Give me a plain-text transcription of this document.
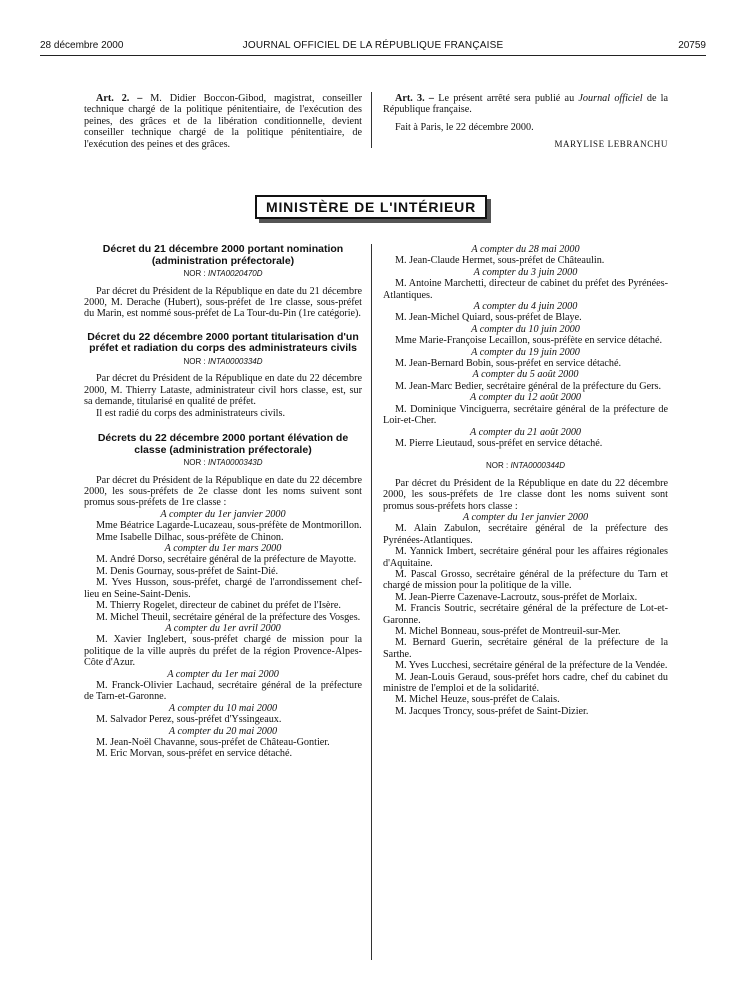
28 décembre 2000	JOURNAL OFFICIEL DE LA RÉPUBLIQUE FRANÇAISE	20759

Art. 2. – M. Didier Boccon-Gibod, magistrat, conseiller technique chargé de la politique pénitentiaire, de l'exécution des peines, des grâces et de la libération conditionnelle, devient conseiller technique chargé de la politique pénitentiaire, de l'exécution des peines et des grâces.

Art. 3. – Le présent arrêté sera publié au Journal officiel de la République française.

Fait à Paris, le 22 décembre 2000.

MARYLISE LEBRANCHU
MINISTÈRE DE L'INTÉRIEUR
Décret du 21 décembre 2000 portant nomination (administration préfectorale)
NOR : INTA0020470D

Par décret du Président de la République en date du 21 décembre 2000, M. Derache (Hubert), sous-préfet de 1re classe, sous-préfet du Marin, est nommé sous-préfet de La Tour-du-Pin (1re catégorie).

Décret du 22 décembre 2000 portant titularisation d'un préfet et radiation du corps des administrateurs civils
NOR : INTA0000334D

Par décret du Président de la République en date du 22 décembre 2000, M. Thierry Lataste, administrateur civil hors classe, est, sur sa demande, titularisé en qualité de préfet.

Il est radié du corps des administrateurs civils.

Décrets du 22 décembre 2000 portant élévation de classe (administration préfectorale)
NOR : INTA0000343D

Par décret du Président de la République en date du 22 décembre 2000, les sous-préfets de 2e classe dont les noms suivent sont promus sous-préfets de 1re classe :

A compter du 1er janvier 2000

Mme Béatrice Lagarde-Lucazeau, sous-préfète de Montmorillon.

Mme Isabelle Dilhac, sous-préfète de Chinon.

A compter du 1er mars 2000

M. André Dorso, secrétaire général de la préfecture de Mayotte.

M. Denis Gournay, sous-préfet de Saint-Dié.

M. Yves Husson, sous-préfet, chargé de l'arrondissement chef-lieu en Seine-Saint-Denis.

M. Thierry Rogelet, directeur de cabinet du préfet de l'Isère.

M. Michel Theuil, secrétaire général de la préfecture des Vosges.

A compter du 1er avril 2000

M. Xavier Inglebert, sous-préfet chargé de mission pour la politique de la ville auprès du préfet de la région Provence-Alpes-Côte d'Azur.

A compter du 1er mai 2000

M. Franck-Olivier Lachaud, secrétaire général de la préfecture de Tarn-et-Garonne.

A compter du 10 mai 2000

M. Salvador Perez, sous-préfet d'Yssingeaux.

A compter du 20 mai 2000

M. Jean-Noël Chavanne, sous-préfet de Château-Gontier.

M. Eric Morvan, sous-préfet en service détaché.

A compter du 28 mai 2000

M. Jean-Claude Hermet, sous-préfet de Châteaulin.

A compter du 3 juin 2000

M. Antoine Marchetti, directeur de cabinet du préfet des Pyrénées-Atlantiques.

A compter du 4 juin 2000

M. Jean-Michel Quiard, sous-préfet de Blaye.

A compter du 10 juin 2000

Mme Marie-Françoise Lecaillon, sous-préfète en service détaché.

A compter du 19 juin 2000

M. Jean-Bernard Bobin, sous-préfet en service détaché.

A compter du 5 août 2000

M. Jean-Marc Bedier, secrétaire général de la préfecture du Gers.

A compter du 12 août 2000

M. Dominique Vinciguerra, secrétaire général de la préfecture de Loir-et-Cher.

A compter du 21 août 2000

M. Pierre Lieutaud, sous-préfet en service détaché.

NOR : INTA0000344D

Par décret du Président de la République en date du 22 décembre 2000, les sous-préfets de 1re classe dont les noms suivent sont promus sous-préfets hors classe :

A compter du 1er janvier 2000

M. Alain Zabulon, secrétaire général de la préfecture des Pyrénées-Atlantiques.

M. Yannick Imbert, secrétaire général pour les affaires régionales d'Aquitaine.

M. Pascal Grosso, secrétaire général de la préfecture du Tarn et chargé de mission pour la politique de la ville.

M. Jean-Pierre Cazenave-Lacroutz, sous-préfet de Morlaix.

M. Francis Soutric, secrétaire général de la préfecture de Lot-et-Garonne.

M. Michel Bonneau, sous-préfet de Montreuil-sur-Mer.

M. Bernard Guerin, secrétaire général de la préfecture de la Sarthe.

M. Yves Lucchesi, secrétaire général de la préfecture de la Vendée.

M. Jean-Louis Geraud, sous-préfet hors cadre, chef du cabinet du ministre de l'emploi et de la solidarité.

M. Michel Heuze, sous-préfet de Calais.

M. Jacques Troncy, sous-préfet de Saint-Dizier.
